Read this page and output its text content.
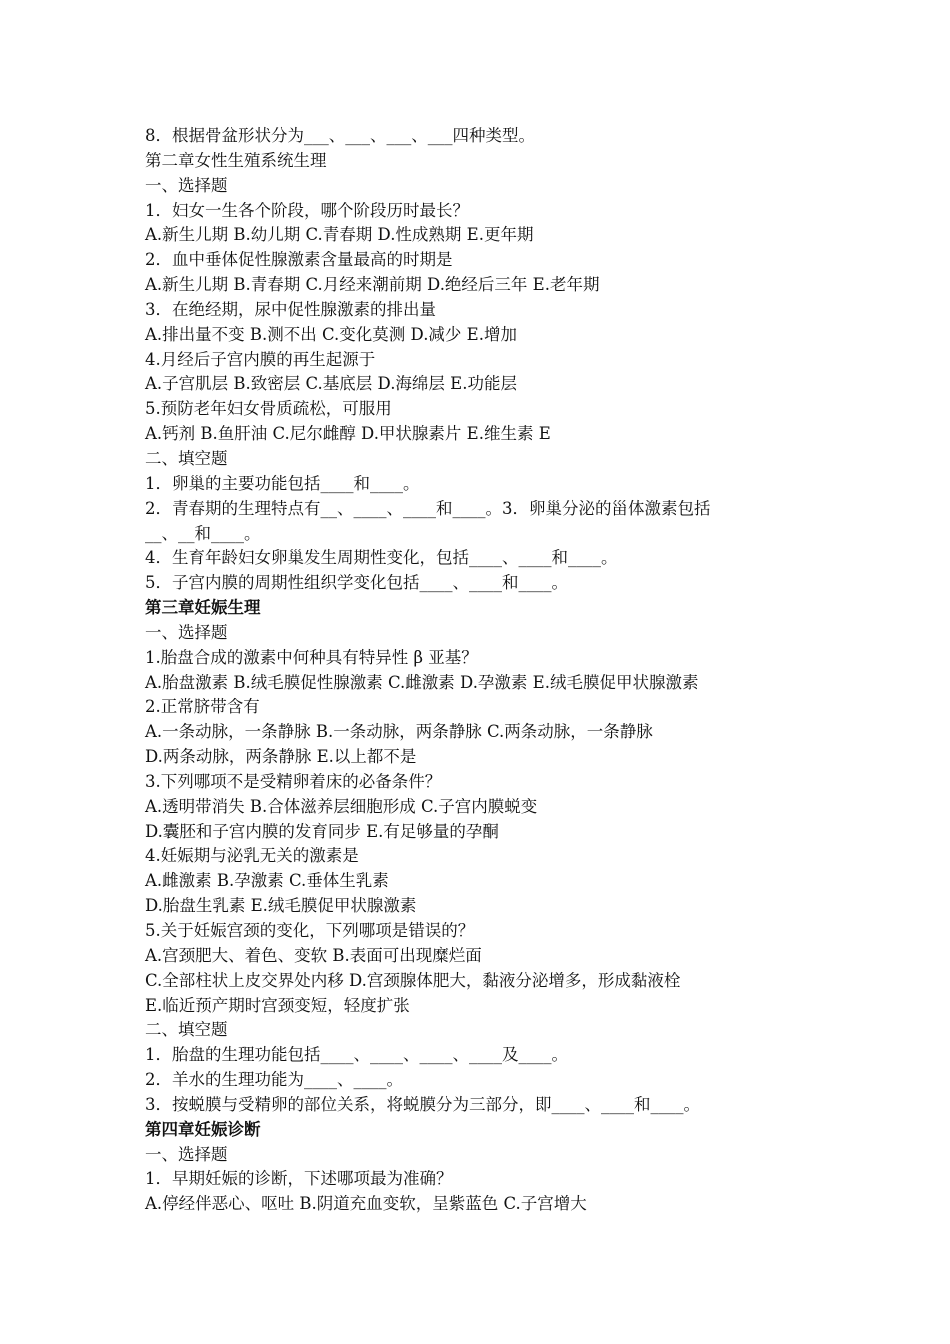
8．根据骨盆形状分为___、___、___、___四种类型。
第二章女性生殖系统生理
一、选择题
1．妇女一生各个阶段，哪个阶段历时最长？
A.新生儿期 B.幼儿期 C.青春期 D.性成熟期 E.更年期
2．血中垂体促性腺激素含量最高的时期是
A.新生儿期 B.青春期 C.月经来潮前期 D.绝经后三年 E.老年期
3．在绝经期，尿中促性腺激素的排出量
A.排出量不变 B.测不出 C.变化莫测 D.减少 E.增加
4.月经后子宫内膜的再生起源于
A.子宫肌层 B.致密层 C.基底层 D.海绵层 E.功能层
5.预防老年妇女骨质疏松，可服用
A.钙剂 B.鱼肝油 C.尼尔雌醇 D.甲状腺素片 E.维生素 E
二、填空题
1．卵巢的主要功能包括____和____。
2．青春期的生理特点有__、____、____和____。3．卵巢分泌的甾体激素包括
__、__和____。
4．生育年龄妇女卵巢发生周期性变化，包括____、____和____。
5．子宫内膜的周期性组织学变化包括____、____和____。
第三章妊娠生理
一、选择题
1.胎盘合成的激素中何种具有特异性 β 亚基？
A.胎盘激素 B.绒毛膜促性腺激素 C.雌激素 D.孕激素 E.绒毛膜促甲状腺激素
2.正常脐带含有
A.一条动脉，一条静脉 B.一条动脉，两条静脉 C.两条动脉，一条静脉
D.两条动脉，两条静脉 E.以上都不是
3.下列哪项不是受精卵着床的必备条件？
A.透明带消失 B.合体滋养层细胞形成 C.子宫内膜蜕变
D.囊胚和子宫内膜的发育同步 E.有足够量的孕酮
4.妊娠期与泌乳无关的激素是
A.雌激素 B.孕激素 C.垂体生乳素
D.胎盘生乳素 E.绒毛膜促甲状腺激素
5.关于妊娠宫颈的变化，下列哪项是错误的？
A.宫颈肥大、着色、变软 B.表面可出现糜烂面
C.全部柱状上皮交界处内移 D.宫颈腺体肥大，黏液分泌增多，形成黏液栓
E.临近预产期时宫颈变短，轻度扩张
二、填空题
1．胎盘的生理功能包括____、____、____、____及____。
2．羊水的生理功能为____、____。
3．按蜕膜与受精卵的部位关系，将蜕膜分为三部分，即____、____和____。
第四章妊娠诊断
一、选择题
1．早期妊娠的诊断，下述哪项最为准确？
A.停经伴恶心、呕吐 B.阴道充血变软，呈紫蓝色 C.子宫增大
